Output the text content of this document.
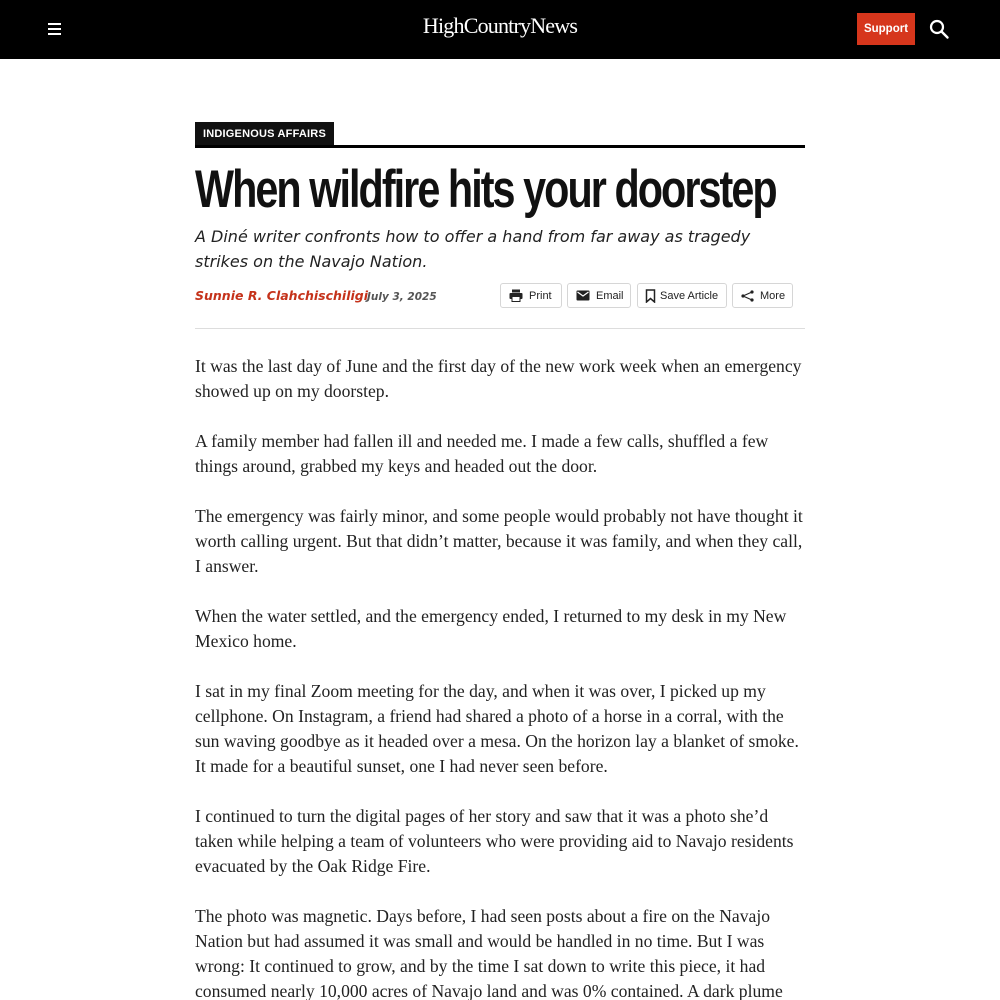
HighCountryNews	Support
INDIGENOUS AFFAIRS
When wildfire hits your doorstep

A Diné writer confronts how to offer a hand from far away as tragedy strikes on the Navajo Nation.

Sunnie R. Clahchischiligi July 3, 2025	Print	Email	Save Article	More

It was the last day of June and the first day of the new work week when an emergency showed up on my doorstep.

A family member had fallen ill and needed me. I made a few calls, shuffled a few things around, grabbed my keys and headed out the door.

The emergency was fairly minor, and some people would probably not have thought it worth calling urgent. But that didn’t matter, because it was family, and when they call, I answer.

When the water settled, and the emergency ended, I returned to my desk in my New Mexico home.

I sat in my final Zoom meeting for the day, and when it was over, I picked up my cellphone. On Instagram, a friend had shared a photo of a horse in a corral, with the sun waving goodbye as it headed over a mesa. On the horizon lay a blanket of smoke. It made for a beautiful sunset, one I had never seen before.

I continued to turn the digital pages of her story and saw that it was a photo she’d taken while helping a team of volunteers who were providing aid to Navajo residents evacuated by the Oak Ridge Fire.

The photo was magnetic. Days before, I had seen posts about a fire on the Navajo Nation but had assumed it was small and would be handled in no time. But I was wrong: It continued to grow, and by the time I sat down to write this piece, it had consumed nearly 10,000 acres of Navajo land and was 0% contained. A dark plume
